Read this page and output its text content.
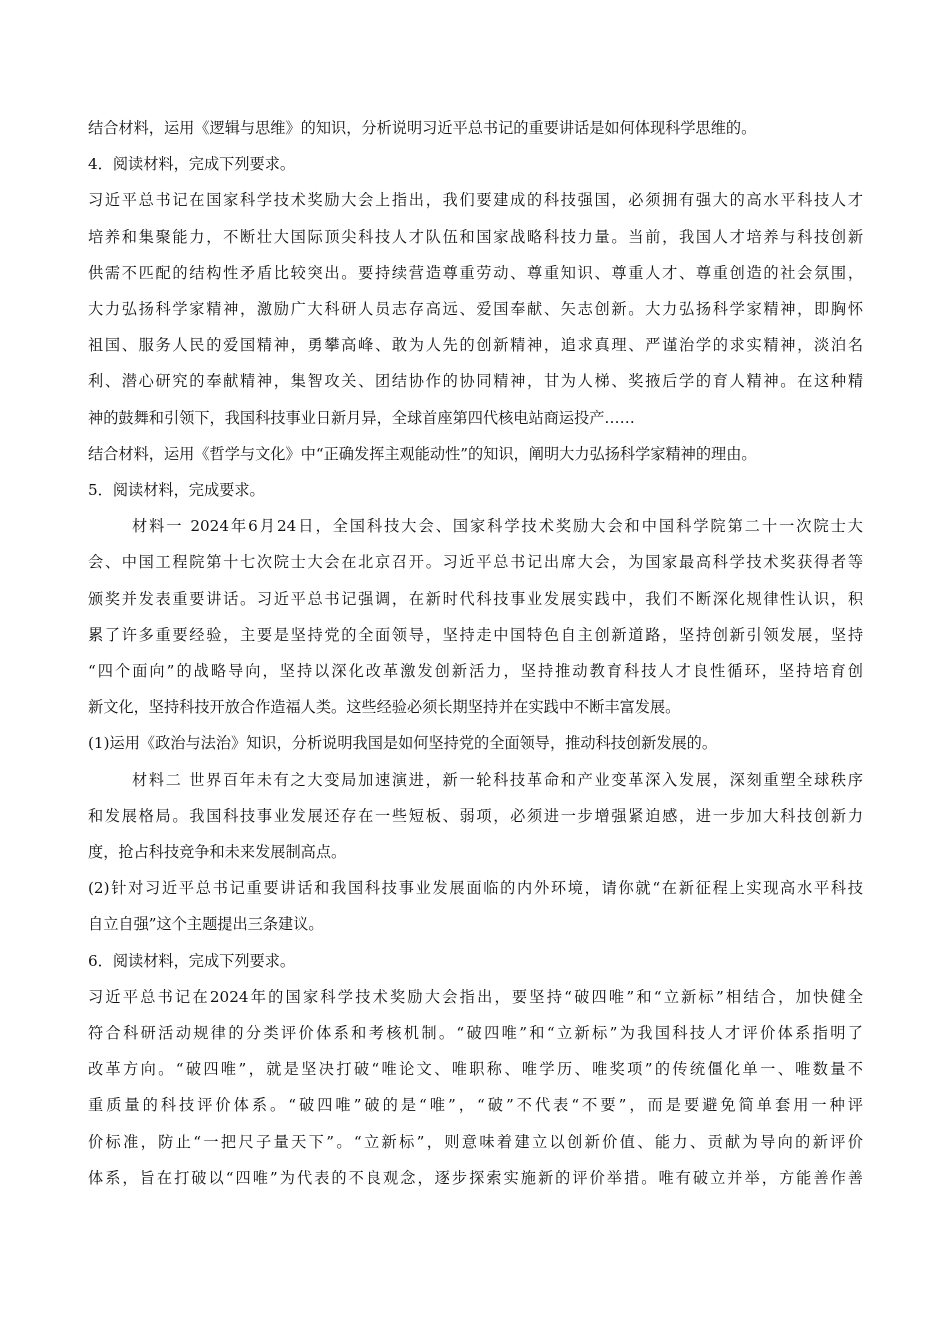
结合材料，运用《逻辑与思维》的知识，分析说明习近平总书记的重要讲话是如何体现科学思维的。
4．阅读材料，完成下列要求。
习近平总书记在国家科学技术奖励大会上指出，我们要建成的科技强国，必须拥有强大的高水平科技人才
培养和集聚能力，不断壮大国际顶尖科技人才队伍和国家战略科技力量。当前，我国人才培养与科技创新
供需不匹配的结构性矛盾比较突出。要持续营造尊重劳动、尊重知识、尊重人才、尊重创造的社会氛围，
大力弘扬科学家精神，激励广大科研人员志存高远、爱国奉献、矢志创新。大力弘扬科学家精神，即胸怀
祖国、服务人民的爱国精神，勇攀高峰、敢为人先的创新精神，追求真理、严谨治学的求实精神，淡泊名
利、潜心研究的奉献精神，集智攻关、团结协作的协同精神，甘为人梯、奖掖后学的育人精神。在这种精
神的鼓舞和引领下，我国科技事业日新月异，全球首座第四代核电站商运投产……
结合材料，运用《哲学与文化》中“正确发挥主观能动性”的知识，阐明大力弘扬科学家精神的理由。
5．阅读材料，完成要求。
材料一 2024年6月24日，全国科技大会、国家科学技术奖励大会和中国科学院第二十一次院士大
会、中国工程院第十七次院士大会在北京召开。习近平总书记出席大会，为国家最高科学技术奖获得者等
颁奖并发表重要讲话。习近平总书记强调，在新时代科技事业发展实践中，我们不断深化规律性认识，积
累了许多重要经验，主要是坚持党的全面领导，坚持走中国特色自主创新道路，坚持创新引领发展，坚持
“四个面向”的战略导向，坚持以深化改革激发创新活力，坚持推动教育科技人才良性循环，坚持培育创
新文化，坚持科技开放合作造福人类。这些经验必须长期坚持并在实践中不断丰富发展。
(1)运用《政治与法治》知识，分析说明我国是如何坚持党的全面领导，推动科技创新发展的。
材料二 世界百年未有之大变局加速演进，新一轮科技革命和产业变革深入发展，深刻重塑全球秩序
和发展格局。我国科技事业发展还存在一些短板、弱项，必须进一步增强紧迫感，进一步加大科技创新力
度，抢占科技竞争和未来发展制高点。
(2)针对习近平总书记重要讲话和我国科技事业发展面临的内外环境，请你就“在新征程上实现高水平科技
自立自强”这个主题提出三条建议。
6．阅读材料，完成下列要求。
习近平总书记在2024年的国家科学技术奖励大会指出，要坚持“破四唯”和“立新标”相结合，加快健全
符合科研活动规律的分类评价体系和考核机制。“破四唯”和“立新标”为我国科技人才评价体系指明了
改革方向。“破四唯”，就是坚决打破“唯论文、唯职称、唯学历、唯奖项”的传统僵化单一、唯数量不
重质量的科技评价体系。“破四唯”破的是“唯”，“破”不代表“不要”，而是要避免简单套用一种评
价标准，防止“一把尺子量天下”。“立新标”，则意味着建立以创新价值、能力、贡献为导向的新评价
体系，旨在打破以“四唯”为代表的不良观念，逐步探索实施新的评价举措。唯有破立并举，方能善作善
